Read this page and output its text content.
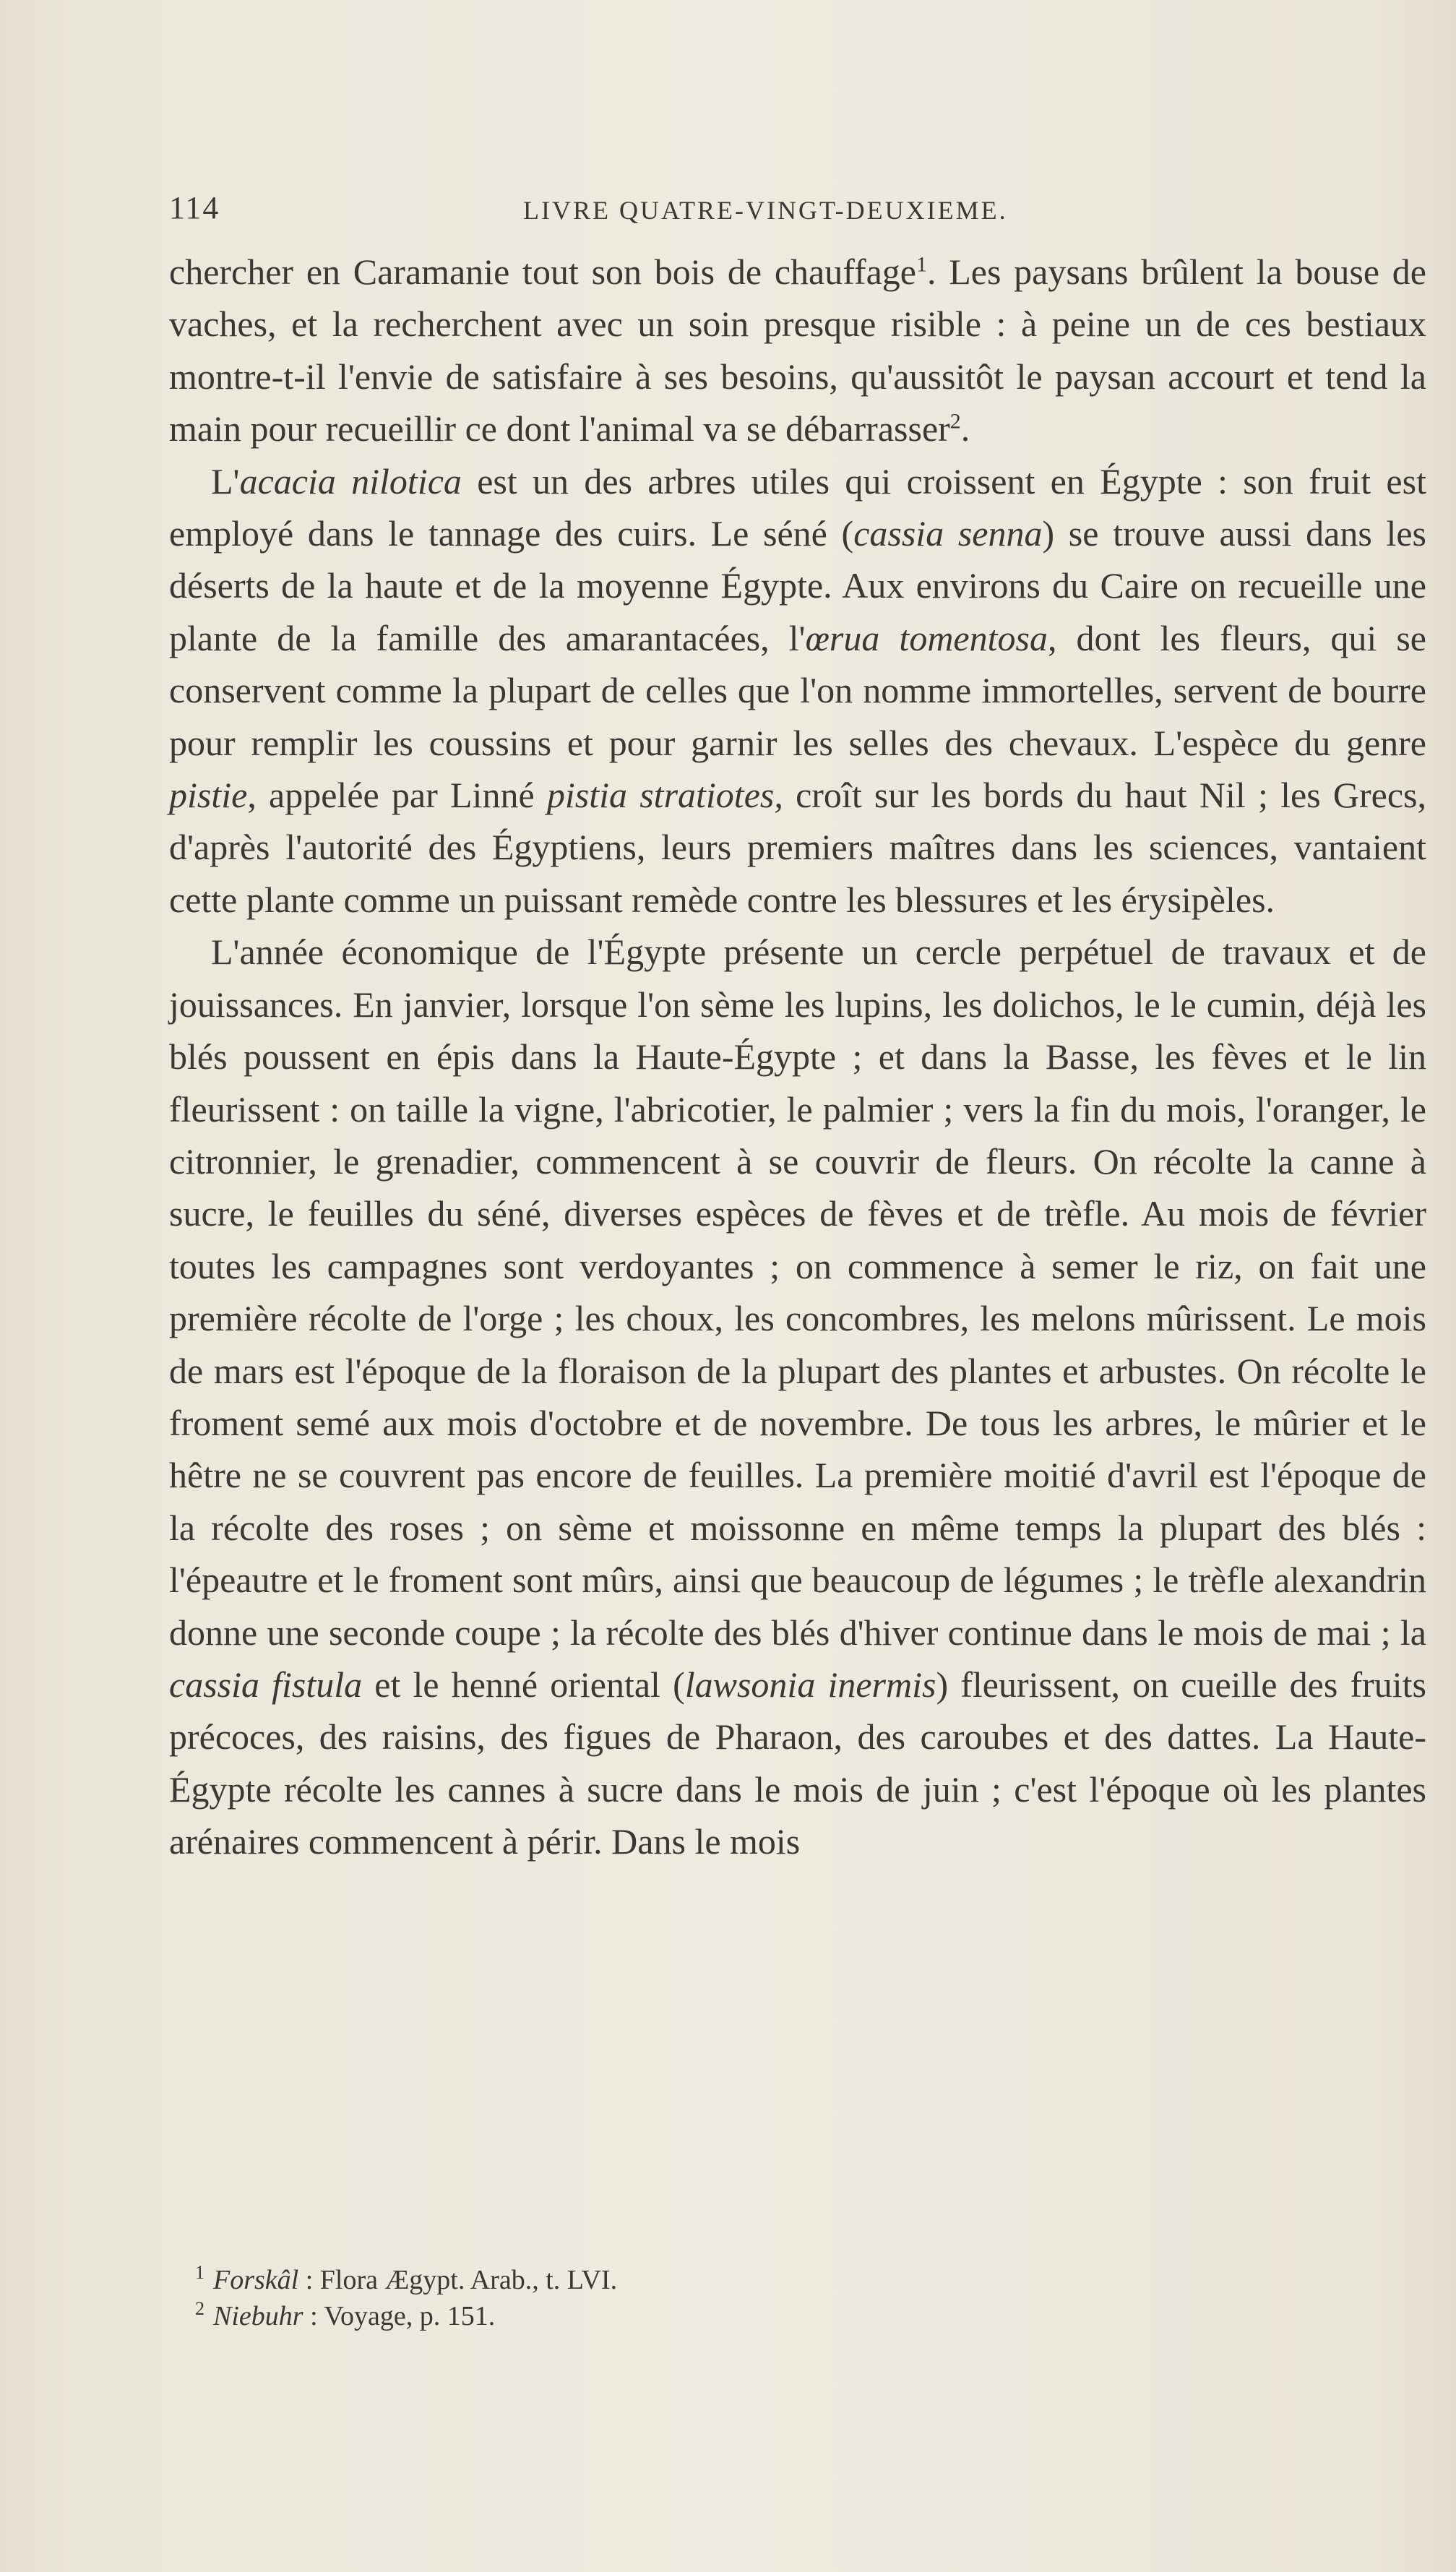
114	LIVRE QUATRE-VINGT-DEUXIEME.

chercher en Caramanie tout son bois de chauffage$^1$. Les paysans brûlent la bouse de vaches, et la recherchent avec un soin presque risible : à peine un de ces bestiaux montre-t-il l'envie de satisfaire à ses besoins, qu'aussitôt le paysan accourt et tend la main pour recueillir ce dont l'animal va se débarrasser$^2$.

L'acacia nilotica est un des arbres utiles qui croissent en Égypte : son fruit est employé dans le tannage des cuirs. Le séné (cassia senna) se trouve aussi dans les déserts de la haute et de la moyenne Égypte. Aux environs du Caire on recueille une plante de la famille des amarantacées, l'œrua tomentosa, dont les fleurs, qui se conservent comme la plupart de celles que l'on nomme immortelles, servent de bourre pour remplir les coussins et pour garnir les selles des chevaux. L'espèce du genre pistie, appelée par Linné pistia stratiotes, croît sur les bords du haut Nil ; les Grecs, d'après l'autorité des Égyptiens, leurs premiers maîtres dans les sciences, vantaient cette plante comme un puissant remède contre les blessures et les érysipèles.

L'année économique de l'Égypte présente un cercle perpétuel de travaux et de jouissances. En janvier, lorsque l'on sème les lupins, les dolichos, le le cumin, déjà les blés poussent en épis dans la Haute-Égypte ; et dans la Basse, les fèves et le lin fleurissent : on taille la vigne, l'abricotier, le palmier ; vers la fin du mois, l'oranger, le citronnier, le grenadier, commencent à se couvrir de fleurs. On récolte la canne à sucre, le feuilles du séné, diverses espèces de fèves et de trèfle. Au mois de février toutes les campagnes sont verdoyantes ; on commence à semer le riz, on fait une première récolte de l'orge ; les choux, les concombres, les melons mûrissent. Le mois de mars est l'époque de la floraison de la plupart des plantes et arbustes. On récolte le froment semé aux mois d'octobre et de novembre. De tous les arbres, le mûrier et le hêtre ne se couvrent pas encore de feuilles. La première moitié d'avril est l'époque de la récolte des roses ; on sème et moissonne en même temps la plupart des blés : l'épeautre et le froment sont mûrs, ainsi que beaucoup de légumes ; le trèfle alexandrin donne une seconde coupe ; la récolte des blés d'hiver continue dans le mois de mai ; la cassia fistula et le henné oriental (lawsonia inermis) fleurissent, on cueille des fruits précoces, des raisins, des figues de Pharaon, des caroubes et des dattes. La Haute-Égypte récolte les cannes à sucre dans le mois de juin ; c'est l'époque où les plantes arénaires commencent à périr. Dans le mois

$^1$ Forskâl : Flora Ægypt. Arab., t. LVI.
$^2$ Niebuhr : Voyage, p. 151.
